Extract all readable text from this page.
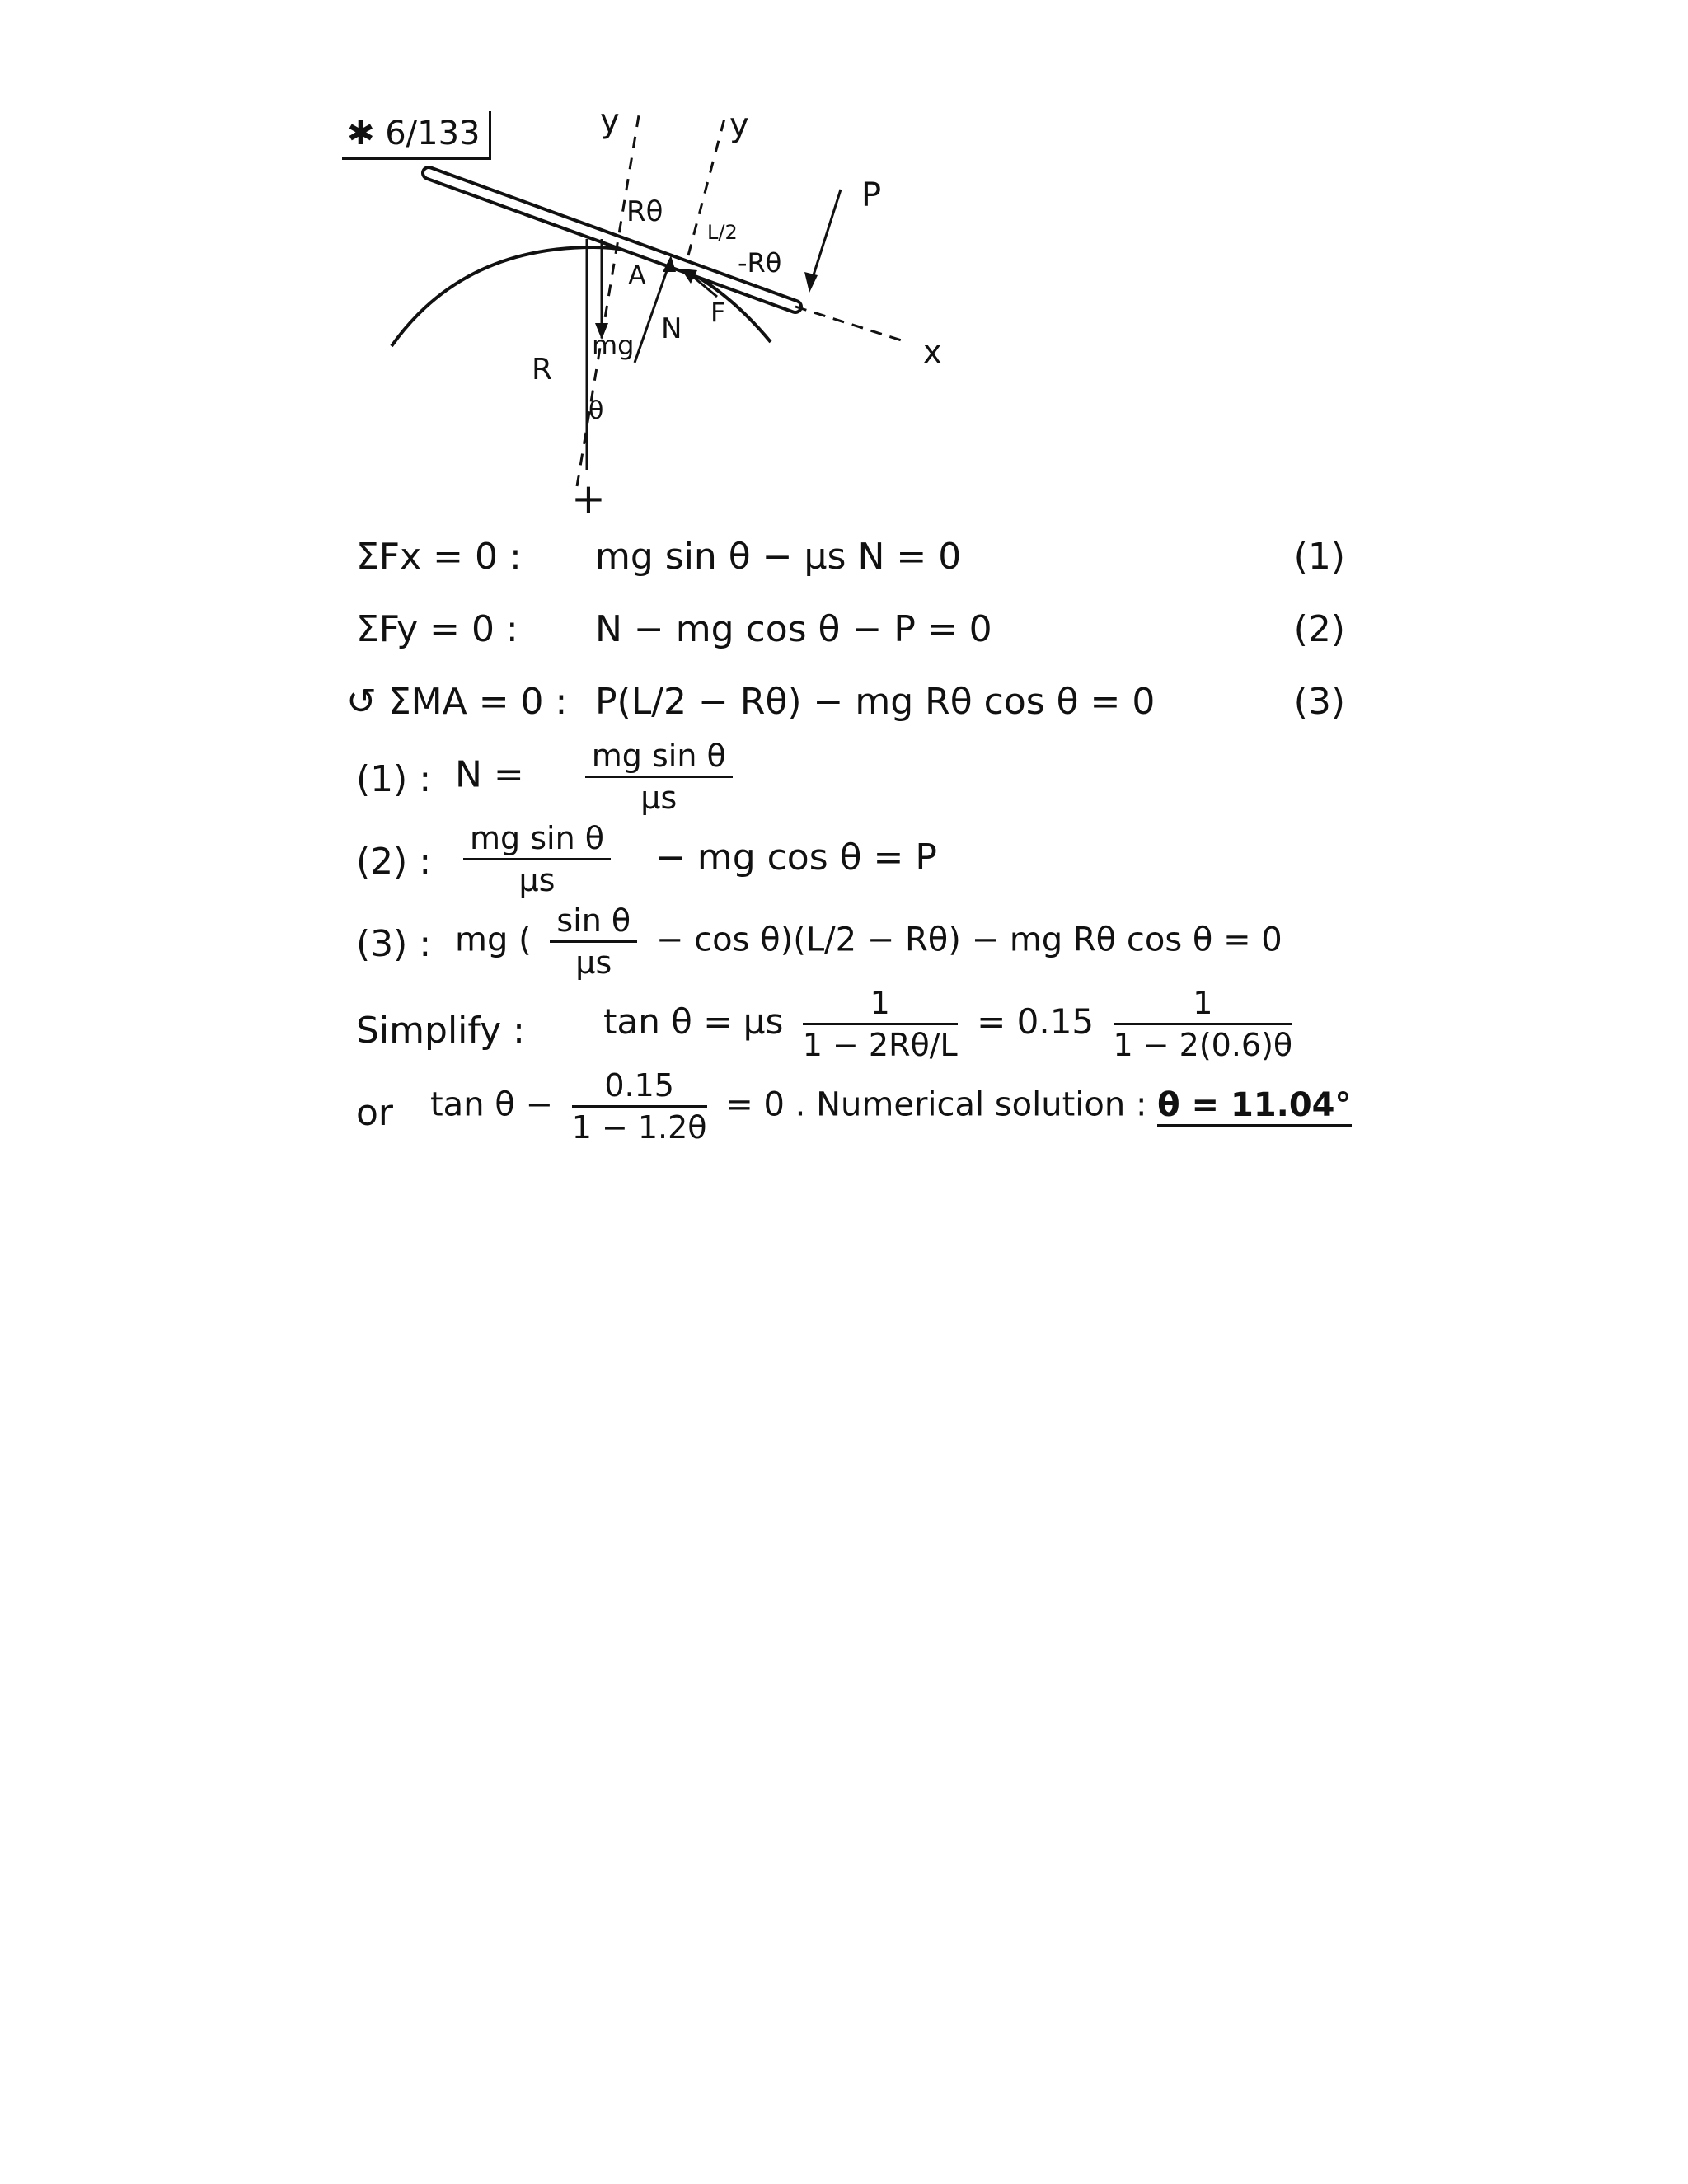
✱ 6/133	y	y
Rθ
L/2
-Rθ
P
A
F
N
mg
R
θ
x
+
ΣFx = 0 : mg sin θ − μs N = 0	(1)
ΣFy = 0 : N − mg cos θ − P = 0	(2)
↺ ΣMA = 0 : P(L/2 − Rθ) − mg Rθ cos θ = 0	(3)
(1) : $N = \frac{\text{mg sin θ}}{\mu s}$
(2) : $\frac{\text{mg sin θ}}{\mu s}$ − mg cos θ = P
(3) : mg ( $\frac{\text{sin θ}}{\mu s} - \cos \theta)(L/2 - R\theta)$ − mg Rθ cos θ = 0
Simplify : tan θ = μs $\frac{1}{1 - 2R\theta/L} = 0.15 \frac{1}{1 - 2(0.6)\theta}$
or $\tan \theta - \frac{0.15}{1 - 1.2\theta} = 0$ . Numerical solution : θ = 11.04°
